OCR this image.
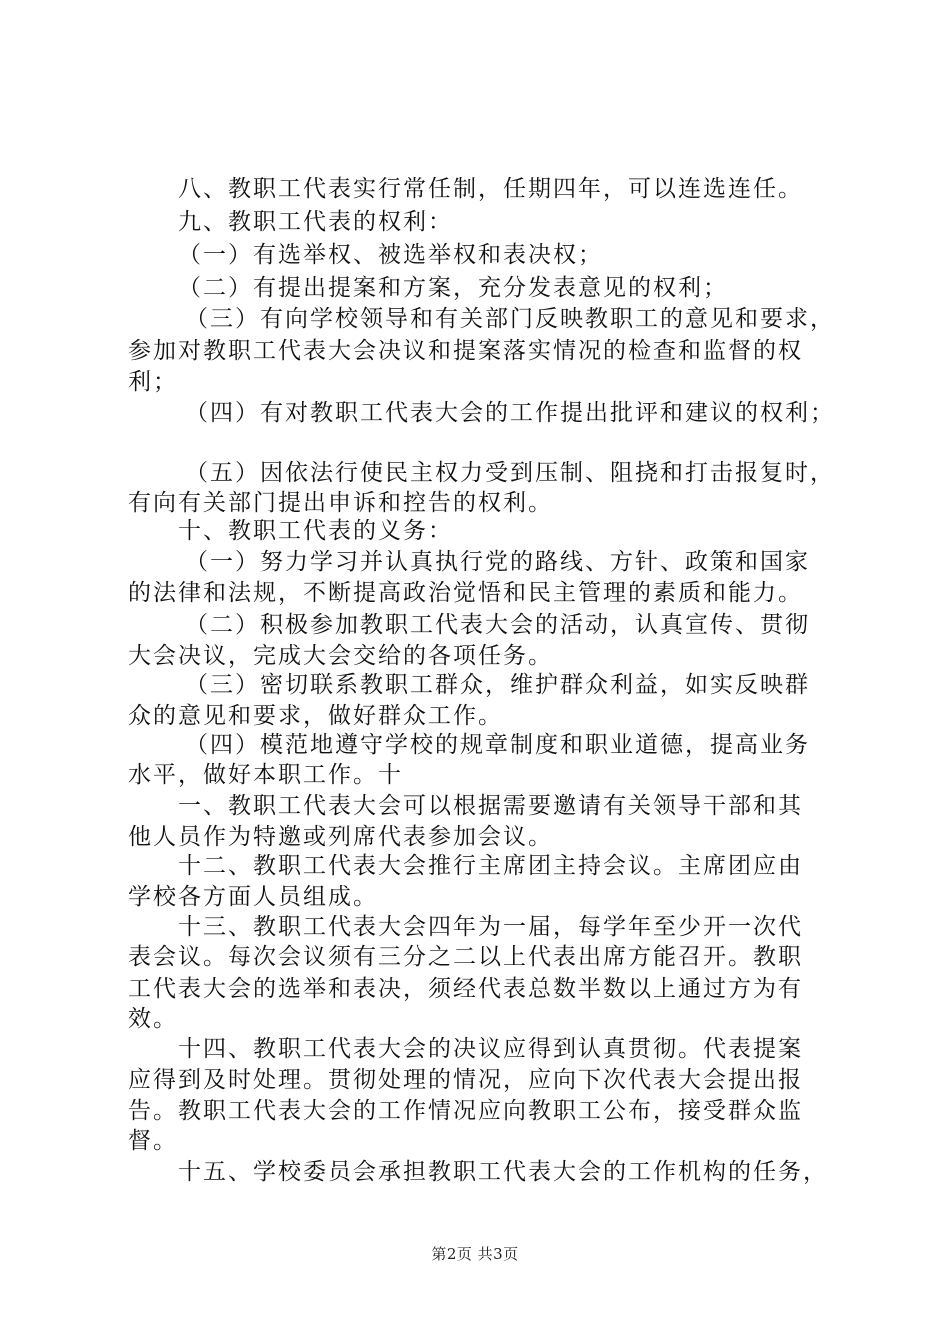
八、教职工代表实行常任制，任期四年，可以连选连任。
九、教职工代表的权利：
（一）有选举权、被选举权和表决权；
（二）有提出提案和方案，充分发表意见的权利；
（三）有向学校领导和有关部门反映教职工的意见和要求，
参加对教职工代表大会决议和提案落实情况的检查和监督的权
利；
（四）有对教职工代表大会的工作提出批评和建议的权利；
（五）因依法行使民主权力受到压制、阻挠和打击报复时，
有向有关部门提出申诉和控告的权利。
十、教职工代表的义务：
（一）努力学习并认真执行党的路线、方针、政策和国家
的法律和法规，不断提高政治觉悟和民主管理的素质和能力。
（二）积极参加教职工代表大会的活动，认真宣传、贯彻
大会决议，完成大会交给的各项任务。
（三）密切联系教职工群众，维护群众利益，如实反映群
众的意见和要求，做好群众工作。
（四）模范地遵守学校的规章制度和职业道德，提高业务
水平，做好本职工作。十
一、教职工代表大会可以根据需要邀请有关领导干部和其
他人员作为特邀或列席代表参加会议。
十二、教职工代表大会推行主席团主持会议。主席团应由
学校各方面人员组成。
十三、教职工代表大会四年为一届，每学年至少开一次代
表会议。每次会议须有三分之二以上代表出席方能召开。教职
工代表大会的选举和表决，须经代表总数半数以上通过方为有
效。
十四、教职工代表大会的决议应得到认真贯彻。代表提案
应得到及时处理。贯彻处理的情况，应向下次代表大会提出报
告。教职工代表大会的工作情况应向教职工公布，接受群众监
督。
十五、学校委员会承担教职工代表大会的工作机构的任务，
第2页 共3页
